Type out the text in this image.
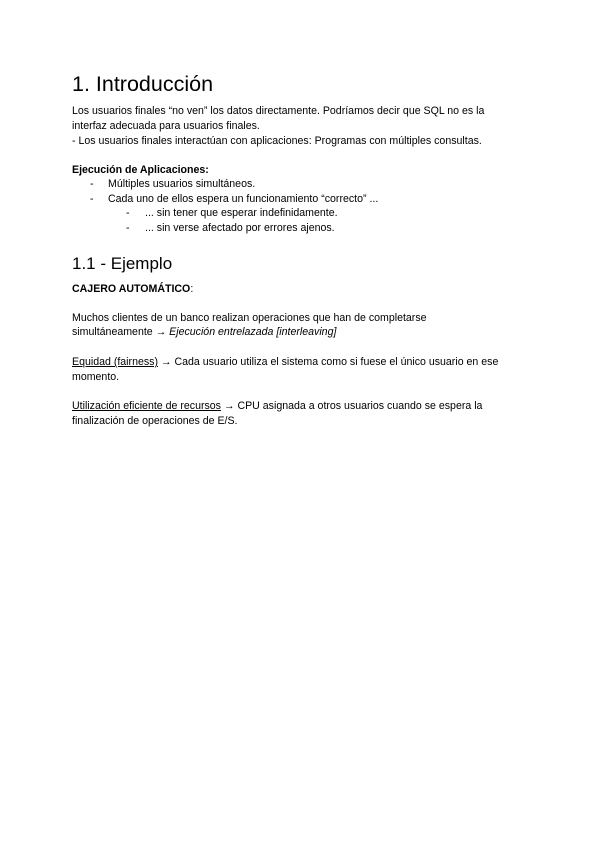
1. Introducción
Los usuarios finales “no ven” los datos directamente. Podríamos decir que SQL no es la
interfaz adecuada para usuarios finales.
- Los usuarios finales interactúan con aplicaciones: Programas con múltiples consultas.
Ejecución de Aplicaciones:
- Múltiples usuarios simultáneos.
- Cada uno de ellos espera un funcionamiento “correcto” ...
- ... sin tener que esperar indefinidamente.
- ... sin verse afectado por errores ajenos.
1.1 - Ejemplo
CAJERO AUTOMÁTICO:
Muchos clientes de un banco realizan operaciones que han de completarse
simultáneamente → Ejecución entrelazada [interleaving]
Equidad (fairness) → Cada usuario utiliza el sistema como si fuese el único usuario en ese
momento.
Utilización eficiente de recursos → CPU asignada a otros usuarios cuando se espera la
finalización de operaciones de E/S.
